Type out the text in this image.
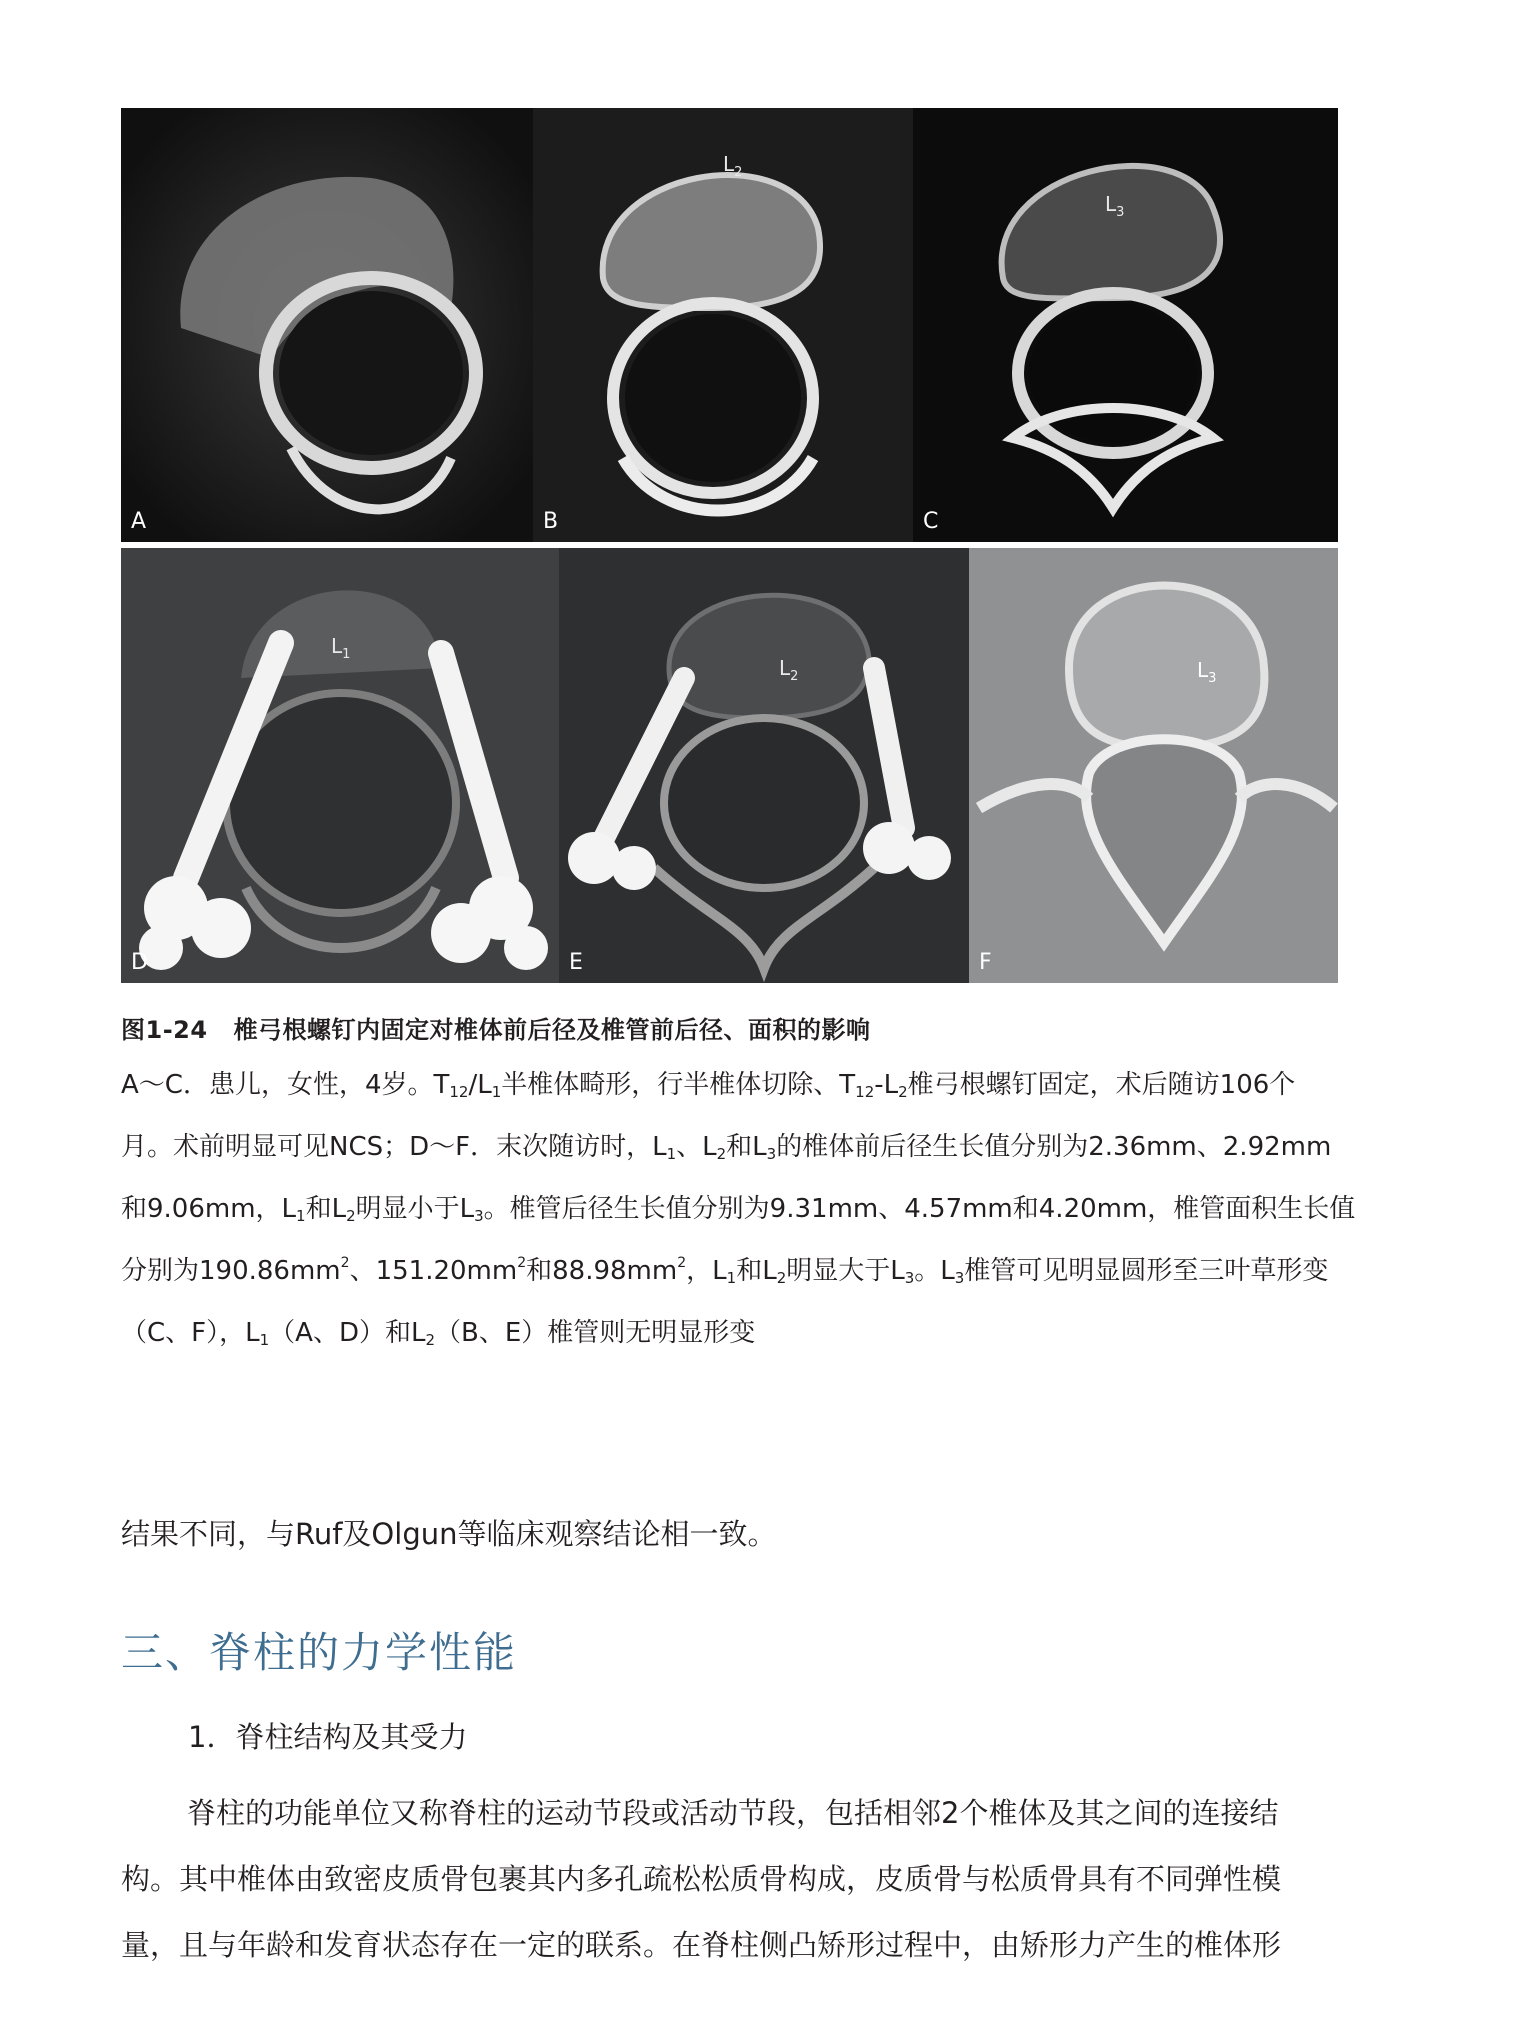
A
$L_2$
B
$L_3$
C
$L_1$
D
$L_2$
E
$L_3$
F
图1-24 椎弓根螺钉内固定对椎体前后径及椎管前后径、面积的影响

A～C．患儿，女性，4岁。$T_{12}/L_1$半椎体畸形，行半椎体切除、$T_{12}-L_2$椎弓根螺钉固定，术后随访106个

月。术前明显可见NCS；D～F．末次随访时，$L_1$、$L_2$和$L_3$的椎体前后径生长值分别为2.36mm、2.92mm

和9.06mm，$L_1$和$L_2$明显小于$L_3$。椎管后径生长值分别为9.31mm、4.57mm和4.20mm，椎管面积生长值

分别为$190.86mm^2$、$151.20mm^2$和$88.98mm^2$，$L_1$和$L_2$明显大于$L_3$。$L_3$椎管可见明显圆形至三叶草形变

（C、F），$L_1(A$、D）和$L_2(B$、E）椎管则无明显形变

结果不同，与Ruf及Olgun等临床观察结论相一致。
三、脊柱的力学性能
1．脊柱结构及其受力

脊柱的功能单位又称脊柱的运动节段或活动节段，包括相邻2个椎体及其之间的连接结

构。其中椎体由致密皮质骨包裹其内多孔疏松松质骨构成，皮质骨与松质骨具有不同弹性模

量，且与年龄和发育状态存在一定的联系。在脊柱侧凸矫形过程中，由矫形力产生的椎体形
